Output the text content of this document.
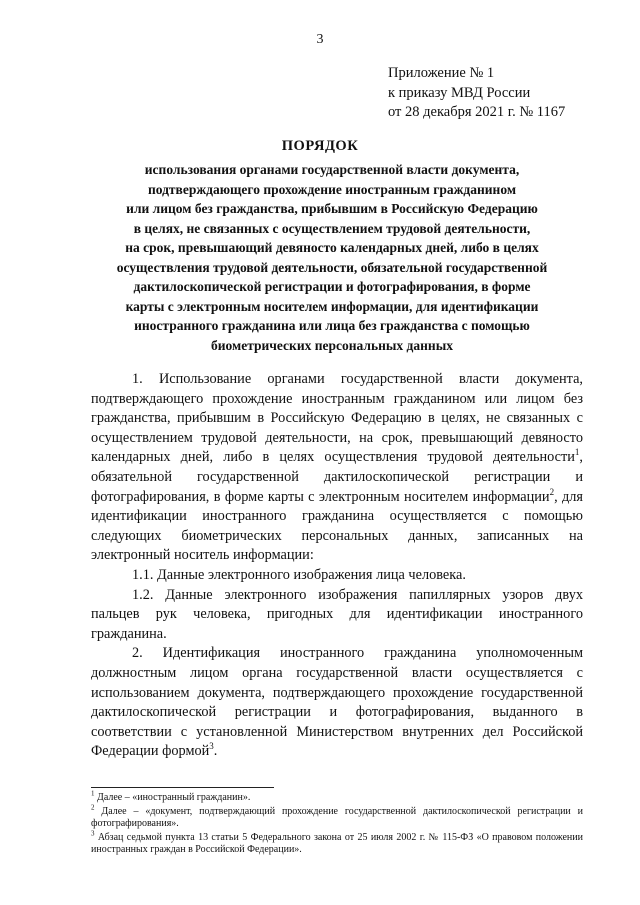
3
Приложение № 1
к приказу МВД России
от 28 декабря 2021 г. № 1167
ПОРЯДОК
использования органами государственной власти документа,
подтверждающего прохождение иностранным гражданином
или лицом без гражданства, прибывшим в Российскую Федерацию
в целях, не связанных с осуществлением трудовой деятельности,
на срок, превышающий девяносто календарных дней, либо в целях
осуществления трудовой деятельности, обязательной государственной
дактилоскопической регистрации и фотографирования, в форме
карты с электронным носителем информации, для идентификации
иностранного гражданина или лица без гражданства с помощью
биометрических персональных данных

1. Использование органами государственной власти документа, подтверждающего прохождение иностранным гражданином или лицом без гражданства, прибывшим в Российскую Федерацию в целях, не связанных с осуществлением трудовой деятельности, на срок, превышающий девяносто календарных дней, либо в целях осуществления трудовой деятельности$^1$, обязательной государственной дактилоскопической регистрации и фотографирования, в форме карты с электронным носителем информации$^2$, для идентификации иностранного гражданина осуществляется с помощью следующих биометрических персональных данных, записанных на электронный носитель информации:

1.1. Данные электронного изображения лица человека.

1.2. Данные электронного изображения папиллярных узоров двух пальцев рук человека, пригодных для идентификации иностранного гражданина.

2. Идентификация иностранного гражданина уполномоченным должностным лицом органа государственной власти осуществляется с использованием документа, подтверждающего прохождение государственной дактилоскопической регистрации и фотографирования, выданного в соответствии с установленной Министерством внутренних дел Российской Федерации формой$^3$.

$^1$ Далее – «иностранный гражданин».

$^2$ Далее – «документ, подтверждающий прохождение государственной дактилоскопической регистрации и фотографирования».

$^3$ Абзац седьмой пункта 13 статьи 5 Федерального закона от 25 июля 2002 г. № 115-ФЗ «О правовом положении иностранных граждан в Российской Федерации».
